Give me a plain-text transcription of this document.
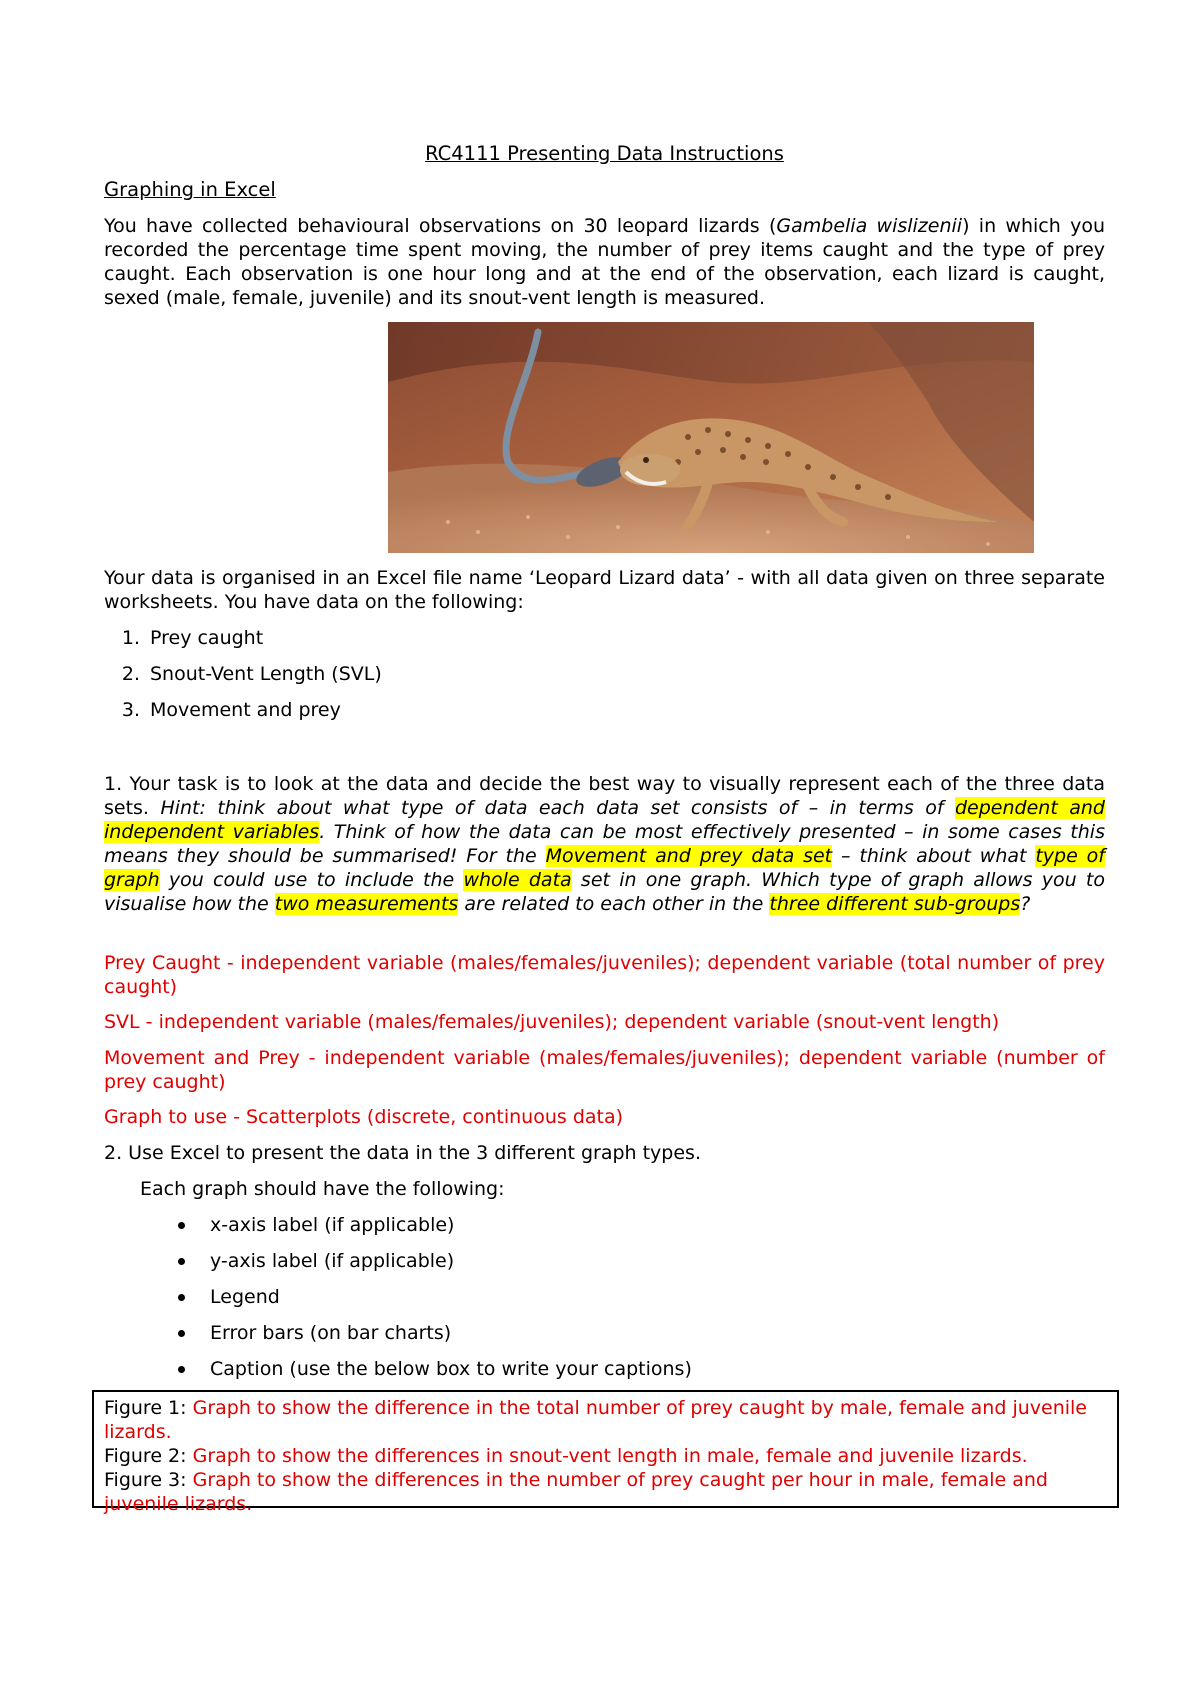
RC4111 Presenting Data Instructions
Graphing in Excel

You have collected behavioural observations on 30 leopard lizards (Gambelia wislizenii) in which you recorded the percentage time spent moving, the number of prey items caught and the type of prey caught. Each observation is one hour long and at the end of the observation, each lizard is caught, sexed (male, female, juvenile) and its snout-vent length is measured.

Your data is organised in an Excel file name ‘Leopard Lizard data’ - with all data given on three separate worksheets. You have data on the following:

1. Prey caught
2. Snout-Vent Length (SVL)
3. Movement and prey

1. Your task is to look at the data and decide the best way to visually represent each of the three data sets. Hint: think about what type of data each data set consists of – in terms of dependent and independent variables. Think of how the data can be most effectively presented – in some cases this means they should be summarised! For the Movement and prey data set – think about what type of graph you could use to include the whole data set in one graph. Which type of graph allows you to visualise how the two measurements are related to each other in the three different sub-groups?

Prey Caught - independent variable (males/females/juveniles); dependent variable (total number of prey caught)

SVL - independent variable (males/females/juveniles); dependent variable (snout-vent length)

Movement and Prey - independent variable (males/females/juveniles); dependent variable (number of prey caught)

Graph to use - Scatterplots (discrete, continuous data)

2. Use Excel to present the data in the 3 different graph types.

Each graph should have the following:

x-axis label (if applicable)
y-axis label (if applicable)
Legend
Error bars (on bar charts)
Caption (use the below box to write your captions)
Figure 1: Graph to show the difference in the total number of prey caught by male, female and juvenile lizards.
Figure 2: Graph to show the differences in snout-vent length in male, female and juvenile lizards.
Figure 3: Graph to show the differences in the number of prey caught per hour in male, female and juvenile lizards.
